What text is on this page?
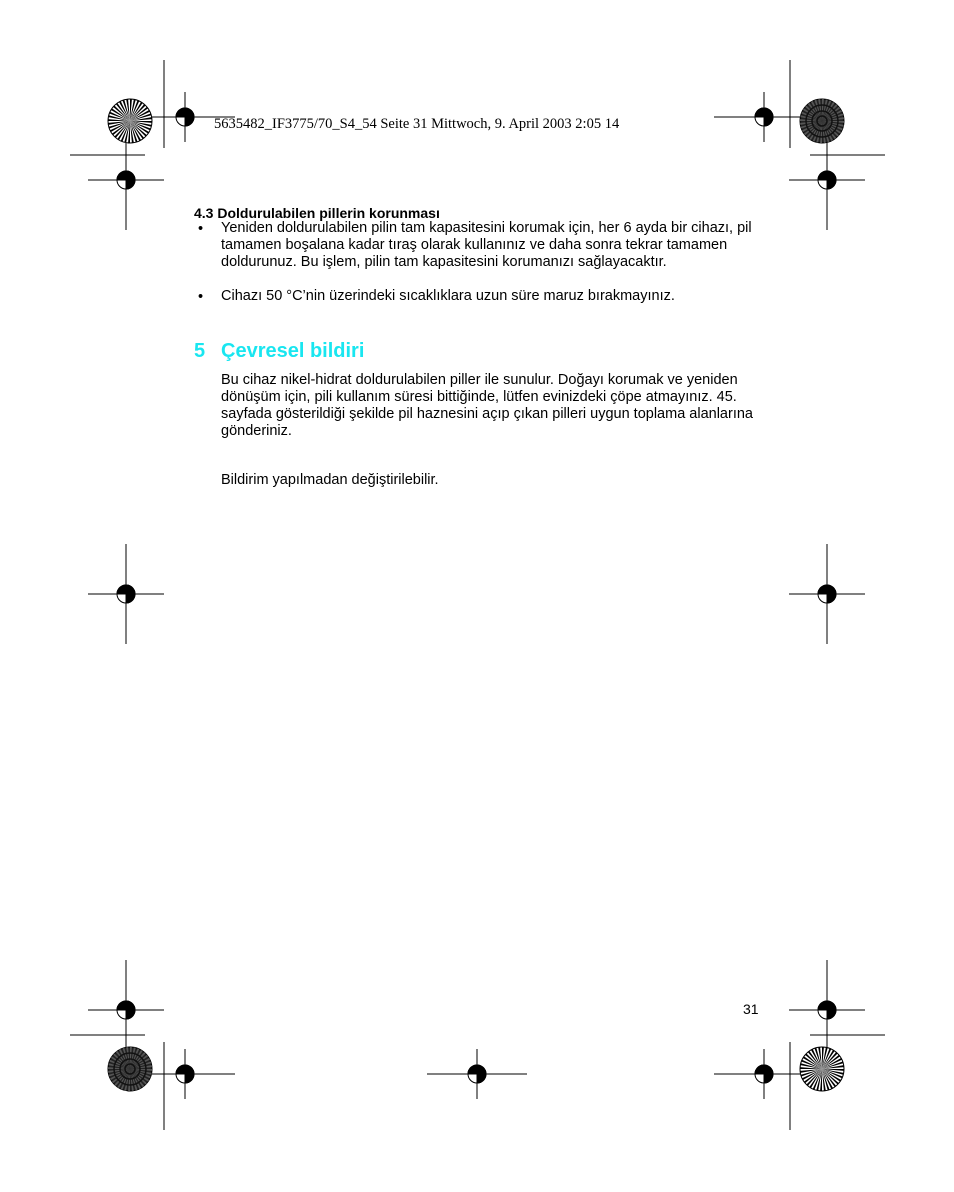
5635482_IF3775/70_S4_54 Seite 31 Mittwoch, 9. April 2003 2:05 14
4.3 Doldurulabilen pillerin korunması
• Yeniden doldurulabilen pilin tam kapasitesini korumak için, her 6 ayda bir cihazı, pil tamamen boşalana kadar tıraş olarak kullanınız ve daha sonra tekrar tamamen doldurunuz. Bu işlem, pilin tam kapasitesini korumanızı sağlayacaktır.
• Cihazı 50 °C’nin üzerindeki sıcaklıklara uzun süre maruz bırakmayınız.
5 Çevresel bildiri
Bu cihaz nikel-hidrat doldurulabilen piller ile sunulur. Doğayı korumak ve yeniden dönüşüm için, pili kullanım süresi bittiğinde, lütfen evinizdeki çöpe atmayınız. 45. sayfada gösterildiği şekilde pil haznesini açıp çıkan pilleri uygun toplama alanlarına gönderiniz.
Bildirim yapılmadan değiştirilebilir.
31
